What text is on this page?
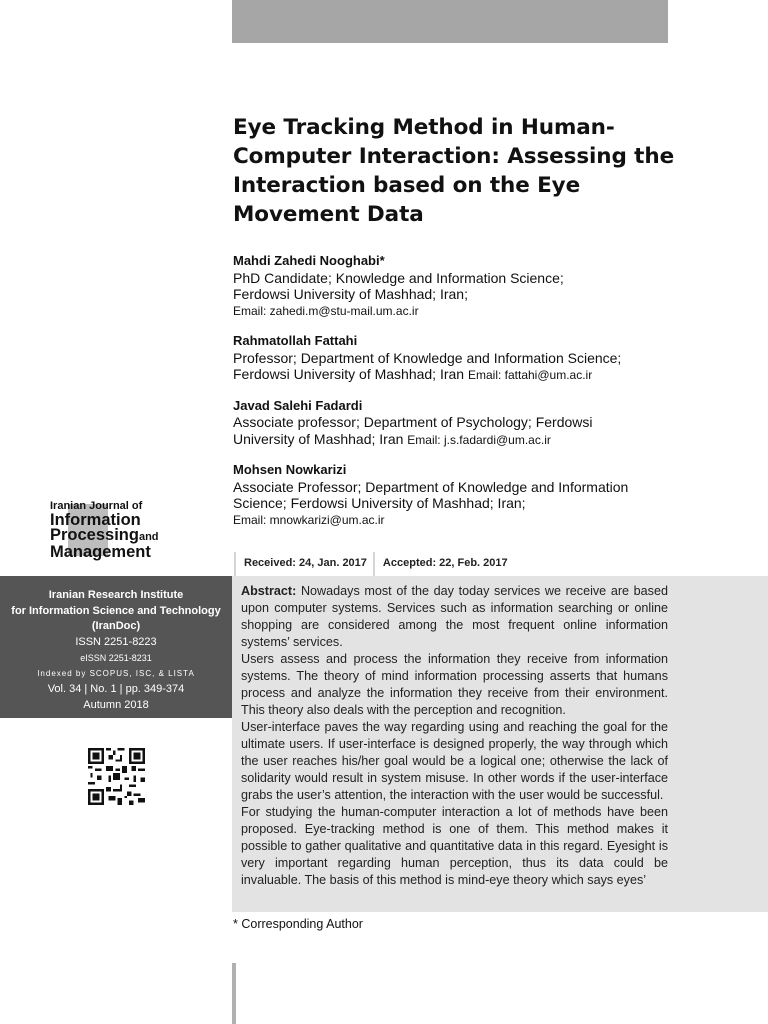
Eye Tracking Method in Human-Computer Interaction: Assessing the Interaction based on the Eye Movement Data
Mahdi Zahedi Nooghabi*
PhD Candidate; Knowledge and Information Science;
Ferdowsi University of Mashhad; Iran;
Email: zahedi.m@stu-mail.um.ac.ir
Rahmatollah Fattahi
Professor; Department of Knowledge and Information Science;
Ferdowsi University of Mashhad; Iran Email: fattahi@um.ac.ir
Javad Salehi Fadardi
Associate professor; Department of Psychology; Ferdowsi
University of Mashhad; Iran Email: j.s.fadardi@um.ac.ir
Mohsen Nowkarizi
Associate Professor; Department of Knowledge and Information
Science; Ferdowsi University of Mashhad; Iran;
Email: mnowkarizi@um.ac.ir
Iranian Journal of
Information
Processingand
Management
Iranian Research Institute
for Information Science and Technology
(IranDoc)
ISSN 2251-8223
eISSN 2251-8231
Indexed by SCOPUS, ISC, & LISTA
Vol. 34 | No. 1 | pp. 349-374
Autumn 2018
Received: 24, Jan. 2017	Accepted: 22, Feb. 2017

Abstract: Nowadays most of the day today services we receive are based upon computer systems. Services such as information searching or online shopping are considered among the most frequent online information systems’ services.

Users assess and process the information they receive from information systems. The theory of mind information processing asserts that humans process and analyze the information they receive from their environment. This theory also deals with the perception and recognition.

User-interface paves the way regarding using and reaching the goal for the ultimate users. If user-interface is designed properly, the way through which the user reaches his/her goal would be a logical one; otherwise the lack of solidarity would result in system misuse. In other words if the user-interface grabs the user’s attention, the interaction with the user would be successful.

For studying the human-computer interaction a lot of methods have been proposed. Eye-tracking method is one of them. This method makes it possible to gather qualitative and quantitative data in this regard. Eyesight is very important regarding human perception, thus its data could be invaluable. The basis of this method is mind-eye theory which says eyes’

* Corresponding Author
